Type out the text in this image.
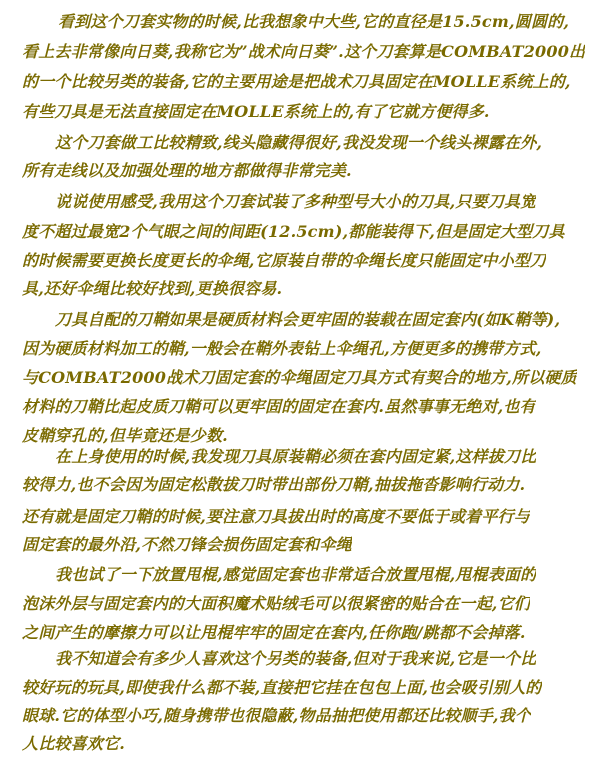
看到这个刀套实物的时候,比我想象中大些,它的直径是15.5cm,圆圆的,
看上去非常像向日葵,我称它为”战术向日葵”.这个刀套算是COMBAT2000出
的一个比较另类的装备,它的主要用途是把战术刀具固定在MOLLE系统上的,
有些刀具是无法直接固定在MOLLE系统上的,有了它就方便得多.
这个刀套做工比较精致,线头隐藏得很好,我没发现一个线头裸露在外,
所有走线以及加强处理的地方都做得非常完美.
说说使用感受,我用这个刀套试装了多种型号大小的刀具,只要刀具宽
度不超过最宽2个气眼之间的间距(12.5cm),都能装得下,但是固定大型刀具
的时候需要更换长度更长的伞绳,它原装自带的伞绳长度只能固定中小型刀
具,还好伞绳比较好找到,更换很容易.
刀具自配的刀鞘如果是硬质材料会更牢固的装载在固定套内(如K鞘等),
因为硬质材料加工的鞘,一般会在鞘外表钻上伞绳孔,方便更多的携带方式,
与COMBAT2000战术刀固定套的伞绳固定刀具方式有契合的地方,所以硬质
材料的刀鞘比起皮质刀鞘可以更牢固的固定在套内.虽然事事无绝对,也有
皮鞘穿孔的,但毕竟还是少数.
在上身使用的时候,我发现刀具原装鞘必须在套内固定紧,这样拔刀比
较得力,也不会因为固定松散拔刀时带出部份刀鞘,抽拔拖沓影响行动力.
还有就是固定刀鞘的时候,要注意刀具拔出时的高度不要低于或着平行与
固定套的最外沿,不然刀锋会损伤固定套和伞绳
我也试了一下放置甩棍,感觉固定套也非常适合放置甩棍,甩棍表面的
泡沫外层与固定套内的大面积魔术贴绒毛可以很紧密的贴合在一起,它们
之间产生的摩擦力可以让甩棍牢牢的固定在套内,任你跑/跳都不会掉落.
我不知道会有多少人喜欢这个另类的装备,但对于我来说,它是一个比
较好玩的玩具,即使我什么都不装,直接把它挂在包包上面,也会吸引别人的
眼球.它的体型小巧,随身携带也很隐蔽,物品抽把使用都还比较顺手,我个
人比较喜欢它.
